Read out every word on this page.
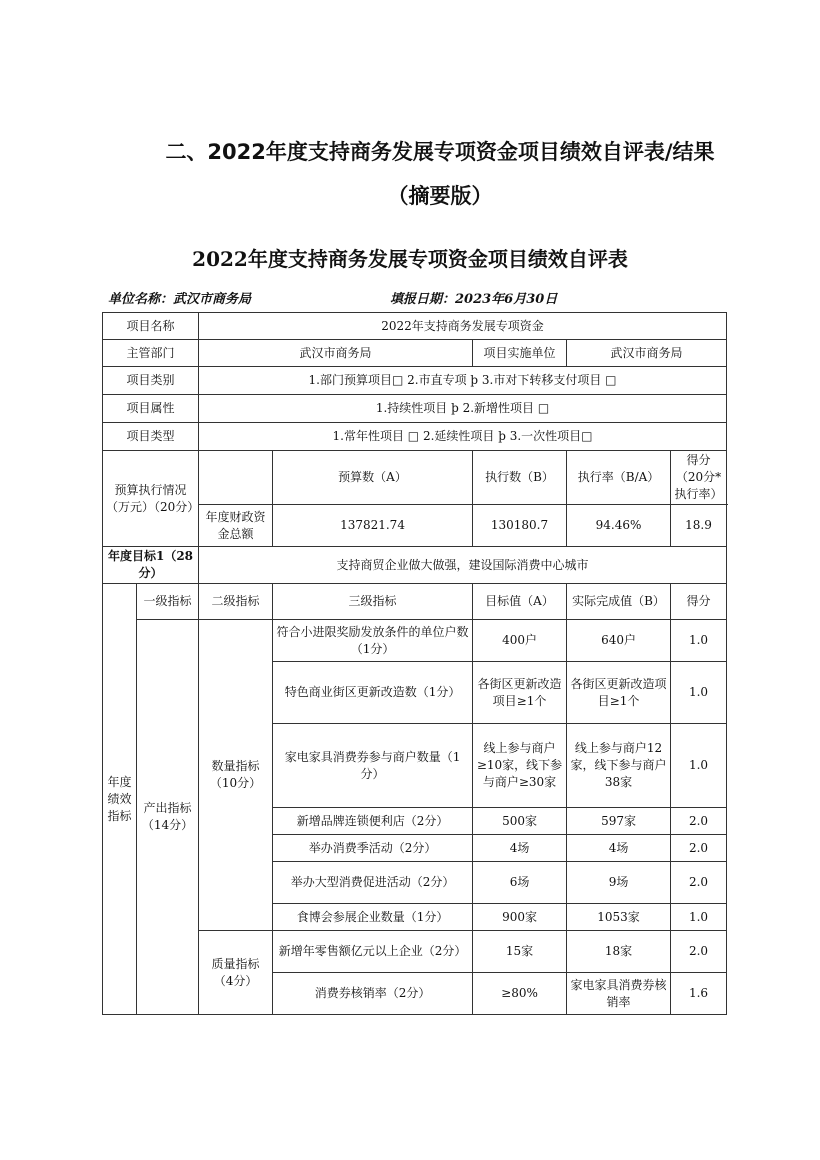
二、2022年度支持商务发展专项资金项目绩效自评表/结果
（摘要版）
2022年度支持商务发展专项资金项目绩效自评表
单位名称：武汉市商务局	填报日期：2023年6月30日
项目名称		2022年支持商务发展专项资金				
主管部门		武汉市商务局		项目实施单位	武汉市商务局	
项目类别		1.部门预算项目□ 2.市直专项 þ 3.市对下转移支付项目 □				
项目属性		1.持续性项目 þ 2.新增性项目 □				
项目类型		1.常年性项目 □ 2.延续性项目 þ 3.一次性项目□				
预算执行情况（万元）（20分）			预算数（A）	执行数（B）	执行率（B/A）	得分（20分*执行率）
		年度财政资金总额	137821.74	130180.7	94.46%	18.9
年度目标1（28分）		支持商贸企业做大做强，建设国际消费中心城市				
年度绩效指标	一级指标	二级指标	三级指标	目标值（A）	实际完成值（B）	得分
	产出指标（14分）	数量指标（10分）	符合小进限奖励发放条件的单位户数（1分）	400户	640户	1.0
			特色商业街区更新改造数（1分）	各街区更新改造项目≥1个	各街区更新改造项目≥1个	1.0
			家电家具消费券参与商户数量（1分）	线上参与商户≥10家，线下参与商户≥30家	线上参与商户12家，线下参与商户38家	1.0
			新增品牌连锁便利店（2分）	500家	597家	2.0
			举办消费季活动（2分）	4场	4场	2.0
			举办大型消费促进活动（2分）	6场	9场	2.0
			食博会参展企业数量（1分）	900家	1053家	1.0
		质量指标（4分）	新增年零售额亿元以上企业（2分）	15家	18家	2.0
			消费券核销率（2分）	≥80%	家电家具消费券核销率	1.6
